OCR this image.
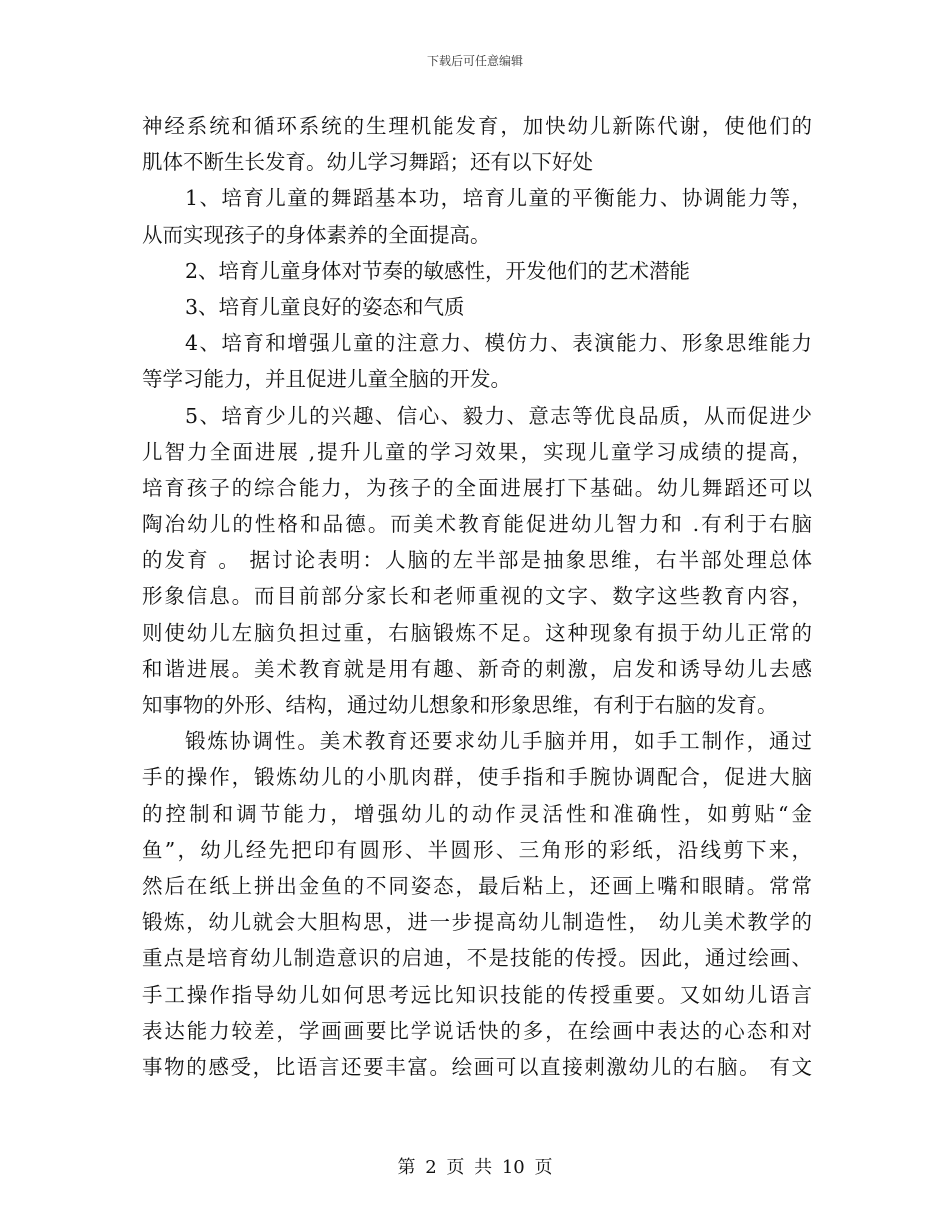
下载后可任意编辑
神经系统和循环系统的生理机能发育，加快幼儿新陈代谢，使他们的
肌体不断生长发育。幼儿学习舞蹈；还有以下好处
1、培育儿童的舞蹈基本功，培育儿童的平衡能力、协调能力等，
从而实现孩子的身体素养的全面提高。
2、培育儿童身体对节奏的敏感性，开发他们的艺术潜能
3、培育儿童良好的姿态和气质
4、培育和增强儿童的注意力、模仿力、表演能力、形象思维能力
等学习能力，并且促进儿童全脑的开发。
5、培育少儿的兴趣、信心、毅力、意志等优良品质，从而促进少
儿智力全面进展 ,提升儿童的学习效果，实现儿童学习成绩的提高，
培育孩子的综合能力，为孩子的全面进展打下基础。幼儿舞蹈还可以
陶冶幼儿的性格和品德。而美术教育能促进幼儿智力和 .有利于右脑
的发育 。 据讨论表明：人脑的左半部是抽象思维，右半部处理总体
形象信息。而目前部分家长和老师重视的文字、数字这些教育内容，
则使幼儿左脑负担过重，右脑锻炼不足。这种现象有损于幼儿正常的
和谐进展。美术教育就是用有趣、新奇的刺激，启发和诱导幼儿去感
知事物的外形、结构，通过幼儿想象和形象思维，有利于右脑的发育。
锻炼协调性。美术教育还要求幼儿手脑并用，如手工制作，通过
手的操作，锻炼幼儿的小肌肉群，使手指和手腕协调配合，促进大脑
的控制和调节能力，增强幼儿的动作灵活性和准确性，如剪贴“金
鱼”，幼儿经先把印有圆形、半圆形、三角形的彩纸，沿线剪下来，
然后在纸上拼出金鱼的不同姿态，最后粘上，还画上嘴和眼睛。常常
锻炼，幼儿就会大胆构思，进一步提高幼儿制造性， 幼儿美术教学的
重点是培育幼儿制造意识的启迪，不是技能的传授。因此，通过绘画、
手工操作指导幼儿如何思考远比知识技能的传授重要。又如幼儿语言
表达能力较差，学画画要比学说话快的多，在绘画中表达的心态和对
事物的感受，比语言还要丰富。绘画可以直接刺激幼儿的右脑。 有文
第 2 页 共 10 页
